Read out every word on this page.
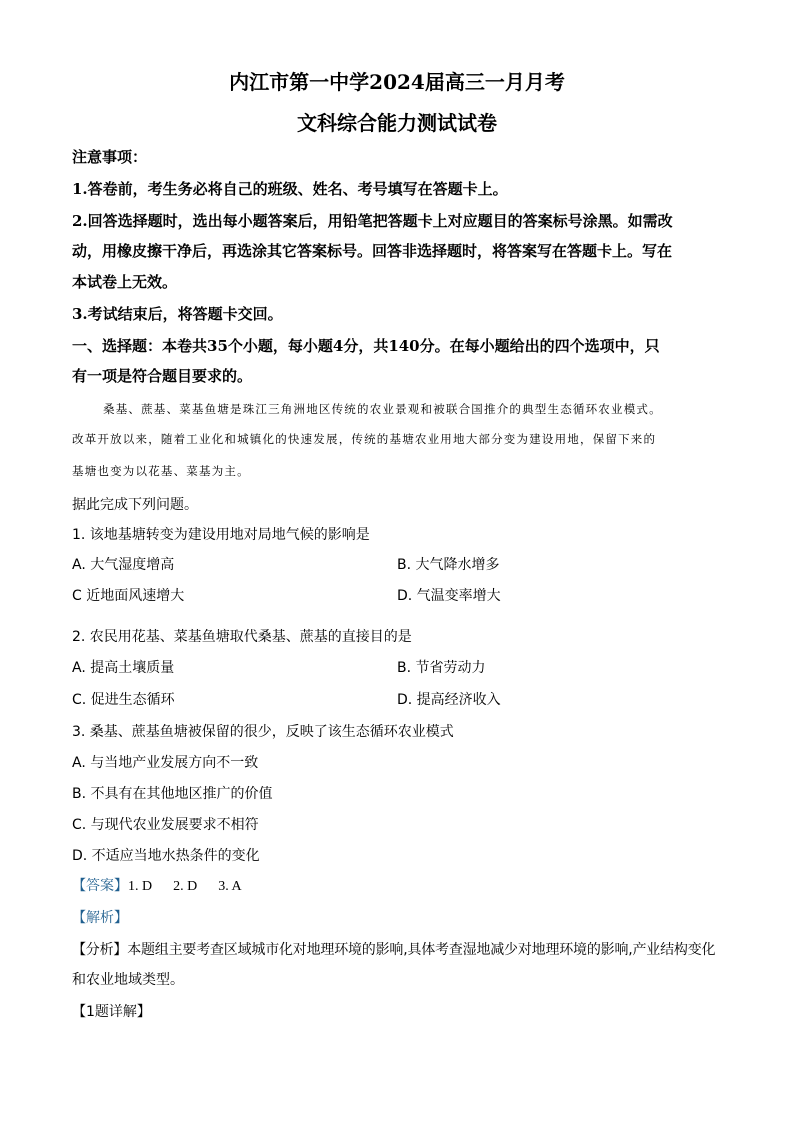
内江市第一中学2024届高三一月月考
文科综合能力测试试卷
注意事项：
1.答卷前，考生务必将自己的班级、姓名、考号填写在答题卡上。
2.回答选择题时，选出每小题答案后，用铅笔把答题卡上对应题目的答案标号涂黑。如需改
动，用橡皮擦干净后，再选涂其它答案标号。回答非选择题时，将答案写在答题卡上。写在
本试卷上无效。
3.考试结束后，将答题卡交回。
一、选择题：本卷共35个小题，每小题4分，共140分。在每小题给出的四个选项中，只
有一项是符合题目要求的。
桑基、蔗基、菜基鱼塘是珠江三角洲地区传统的农业景观和被联合国推介的典型生态循环农业模式。
改革开放以来，随着工业化和城镇化的快速发展，传统的基塘农业用地大部分变为建设用地，保留下来的
基塘也变为以花基、菜基为主。
据此完成下列问题。
1. 该地基塘转变为建设用地对局地气候的影响是
A. 大气湿度增高	B. 大气降水增多
C 近地面风速增大	D. 气温变率增大
2. 农民用花基、菜基鱼塘取代桑基、蔗基的直接目的是
A. 提高土壤质量	B. 节省劳动力
C. 促进生态循环	D. 提高经济收入
3. 桑基、蔗基鱼塘被保留的很少，反映了该生态循环农业模式
A. 与当地产业发展方向不一致
B. 不具有在其他地区推广的价值
C. 与现代农业发展要求不相符
D. 不适应当地水热条件的变化
【答案】1. D      2. D      3. A
【解析】
【分析】本题组主要考查区域城市化对地理环境的影响,具体考查湿地减少对地理环境的影响,产业结构变化
和农业地域类型。
【1题详解】
